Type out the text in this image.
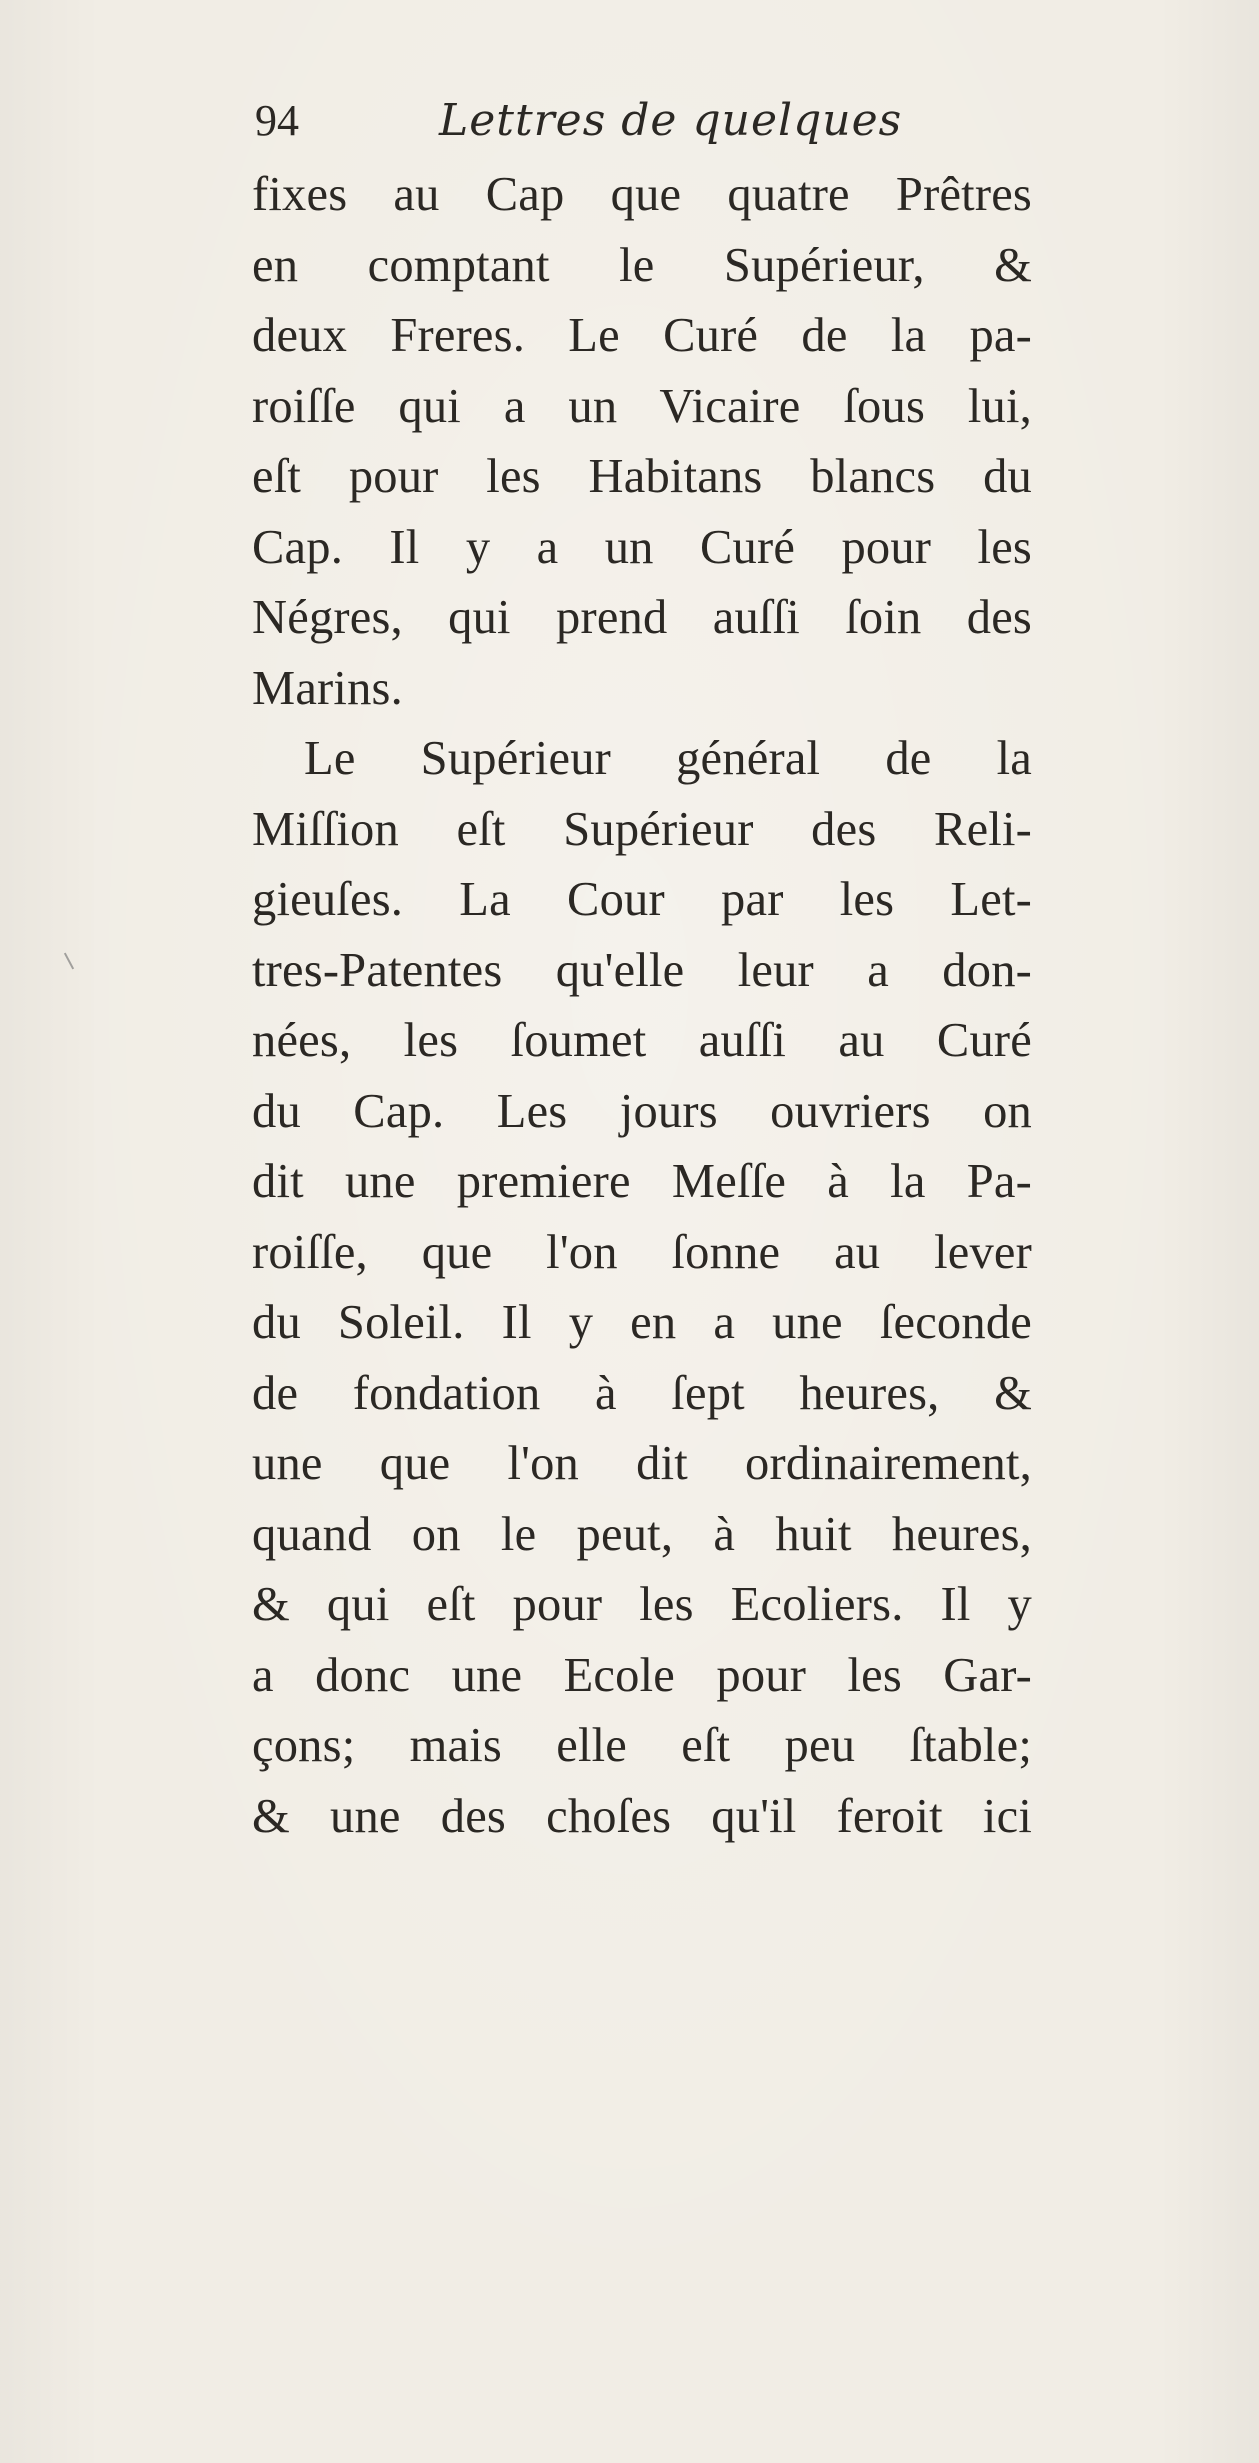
94	Lettres de quelques
fixes au Cap que quatre Prêtres
en comptant le Supérieur, &
deux Freres. Le Curé de la pa-
roiſſe qui a un Vicaire ſous lui,
eſt pour les Habitans blancs du
Cap. Il y a un Curé pour les
Négres, qui prend auſſi ſoin des
Marins.
Le Supérieur général de la
Miſſion eſt Supérieur des Reli-
gieuſes. La Cour par les Let-
tres-Patentes qu'elle leur a don-
nées, les ſoumet auſſi au Curé
du Cap. Les jours ouvriers on
dit une premiere Meſſe à la Pa-
roiſſe, que l'on ſonne au lever
du Soleil. Il y en a une ſeconde
de fondation à ſept heures, &
une que l'on dit ordinairement,
quand on le peut, à huit heures,
& qui eſt pour les Ecoliers. Il y
a donc une Ecole pour les Gar-
çons; mais elle eſt peu ſtable;
& une des choſes qu'il feroit ici
